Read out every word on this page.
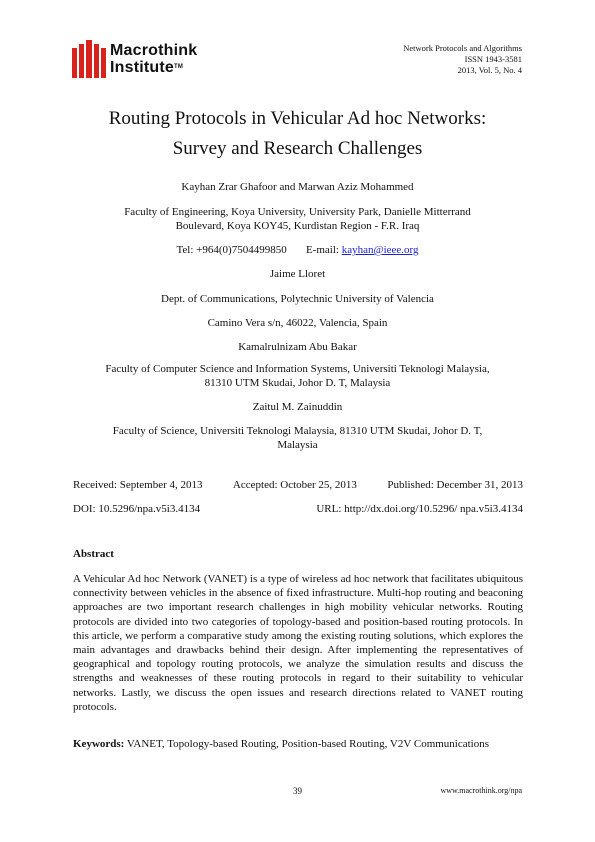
Macrothink
Institute™
Network Protocols and Algorithms
ISSN 1943-3581
2013, Vol. 5, No. 4
Routing Protocols in Vehicular Ad hoc Networks:
Survey and Research Challenges
Kayhan Zrar Ghafoor and Marwan Aziz Mohammed
Faculty of Engineering, Koya University, University Park, Danielle Mitterrand
Boulevard, Koya KOY45, Kurdistan Region - F.R. Iraq
Tel: +964(0)7504499850 E-mail: kayhan@ieee.org
Jaime Lloret
Dept. of Communications, Polytechnic University of Valencia
Camino Vera s/n, 46022, Valencia, Spain
Kamalrulnizam Abu Bakar
Faculty of Computer Science and Information Systems, Universiti Teknologi Malaysia,
81310 UTM Skudai, Johor D. T, Malaysia
Zaitul M. Zainuddin
Faculty of Science, Universiti Teknologi Malaysia, 81310 UTM Skudai, Johor D. T,
Malaysia
Received: September 4, 2013	Accepted: October 25, 2013	Published: December 31, 2013
DOI: 10.5296/npa.v5i3.4134	URL: http://dx.doi.org/10.5296/ npa.v5i3.4134
Abstract
A Vehicular Ad hoc Network (VANET) is a type of wireless ad hoc network that facilitates ubiquitous connectivity between vehicles in the absence of fixed infrastructure. Multi-hop routing and beaconing approaches are two important research challenges in high mobility vehicular networks. Routing protocols are divided into two categories of topology-based and position-based routing protocols. In this article, we perform a comparative study among the existing routing solutions, which explores the main advantages and drawbacks behind their design. After implementing the representatives of geographical and topology routing protocols, we analyze the simulation results and discuss the strengths and weaknesses of these routing protocols in regard to their suitability to vehicular networks. Lastly, we discuss the open issues and research directions related to VANET routing protocols.
Keywords: VANET, Topology-based Routing, Position-based Routing, V2V Communications
39	www.macrothink.org/npa
